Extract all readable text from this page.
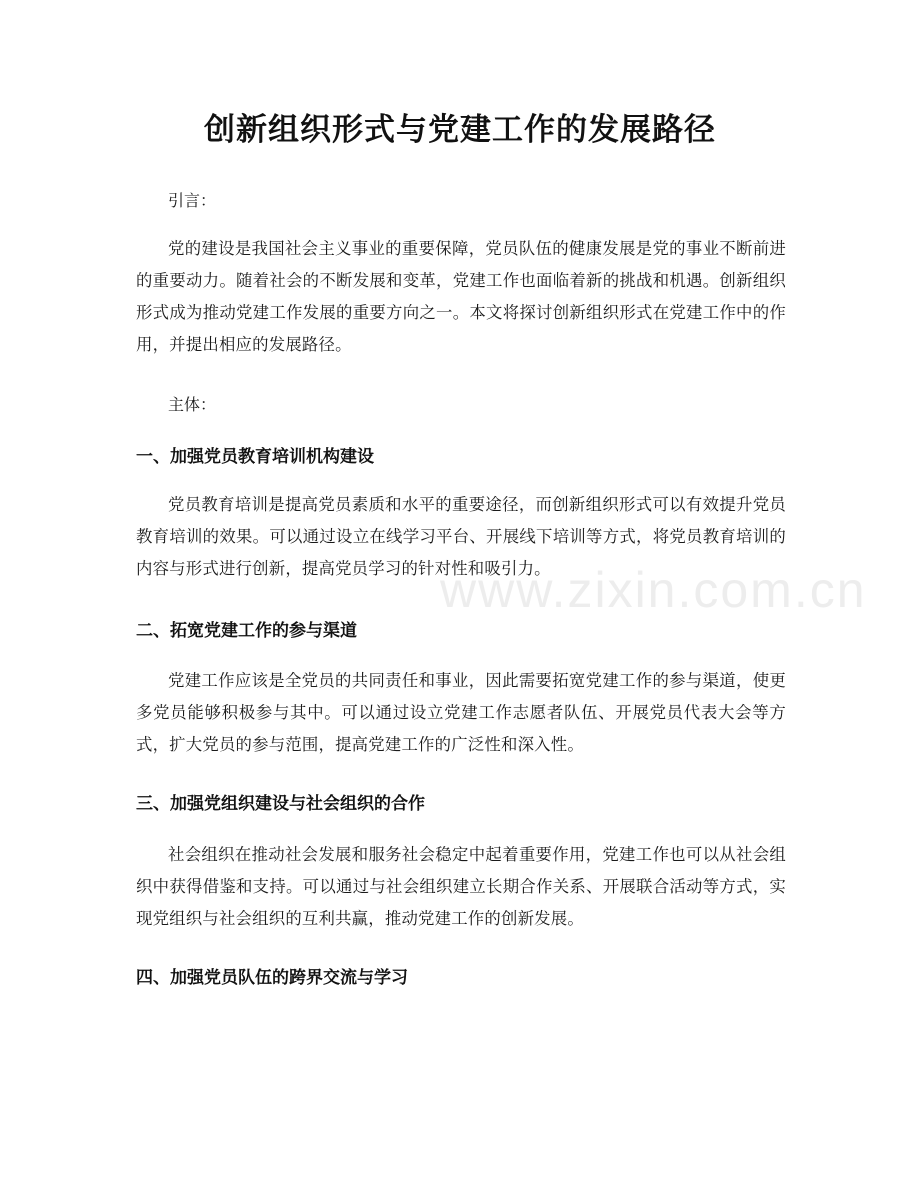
创新组织形式与党建工作的发展路径

引言：

党的建设是我国社会主义事业的重要保障，党员队伍的健康发展是党的事业不断前进的重要动力。随着社会的不断发展和变革，党建工作也面临着新的挑战和机遇。创新组织形式成为推动党建工作发展的重要方向之一。本文将探讨创新组织形式在党建工作中的作用，并提出相应的发展路径。

主体：

一、加强党员教育培训机构建设

党员教育培训是提高党员素质和水平的重要途径，而创新组织形式可以有效提升党员教育培训的效果。可以通过设立在线学习平台、开展线下培训等方式，将党员教育培训的内容与形式进行创新，提高党员学习的针对性和吸引力。

二、拓宽党建工作的参与渠道

党建工作应该是全党员的共同责任和事业，因此需要拓宽党建工作的参与渠道，使更多党员能够积极参与其中。可以通过设立党建工作志愿者队伍、开展党员代表大会等方式，扩大党员的参与范围，提高党建工作的广泛性和深入性。

三、加强党组织建设与社会组织的合作

社会组织在推动社会发展和服务社会稳定中起着重要作用，党建工作也可以从社会组织中获得借鉴和支持。可以通过与社会组织建立长期合作关系、开展联合活动等方式，实现党组织与社会组织的互利共赢，推动党建工作的创新发展。

四、加强党员队伍的跨界交流与学习
www.zixin.com.cn
